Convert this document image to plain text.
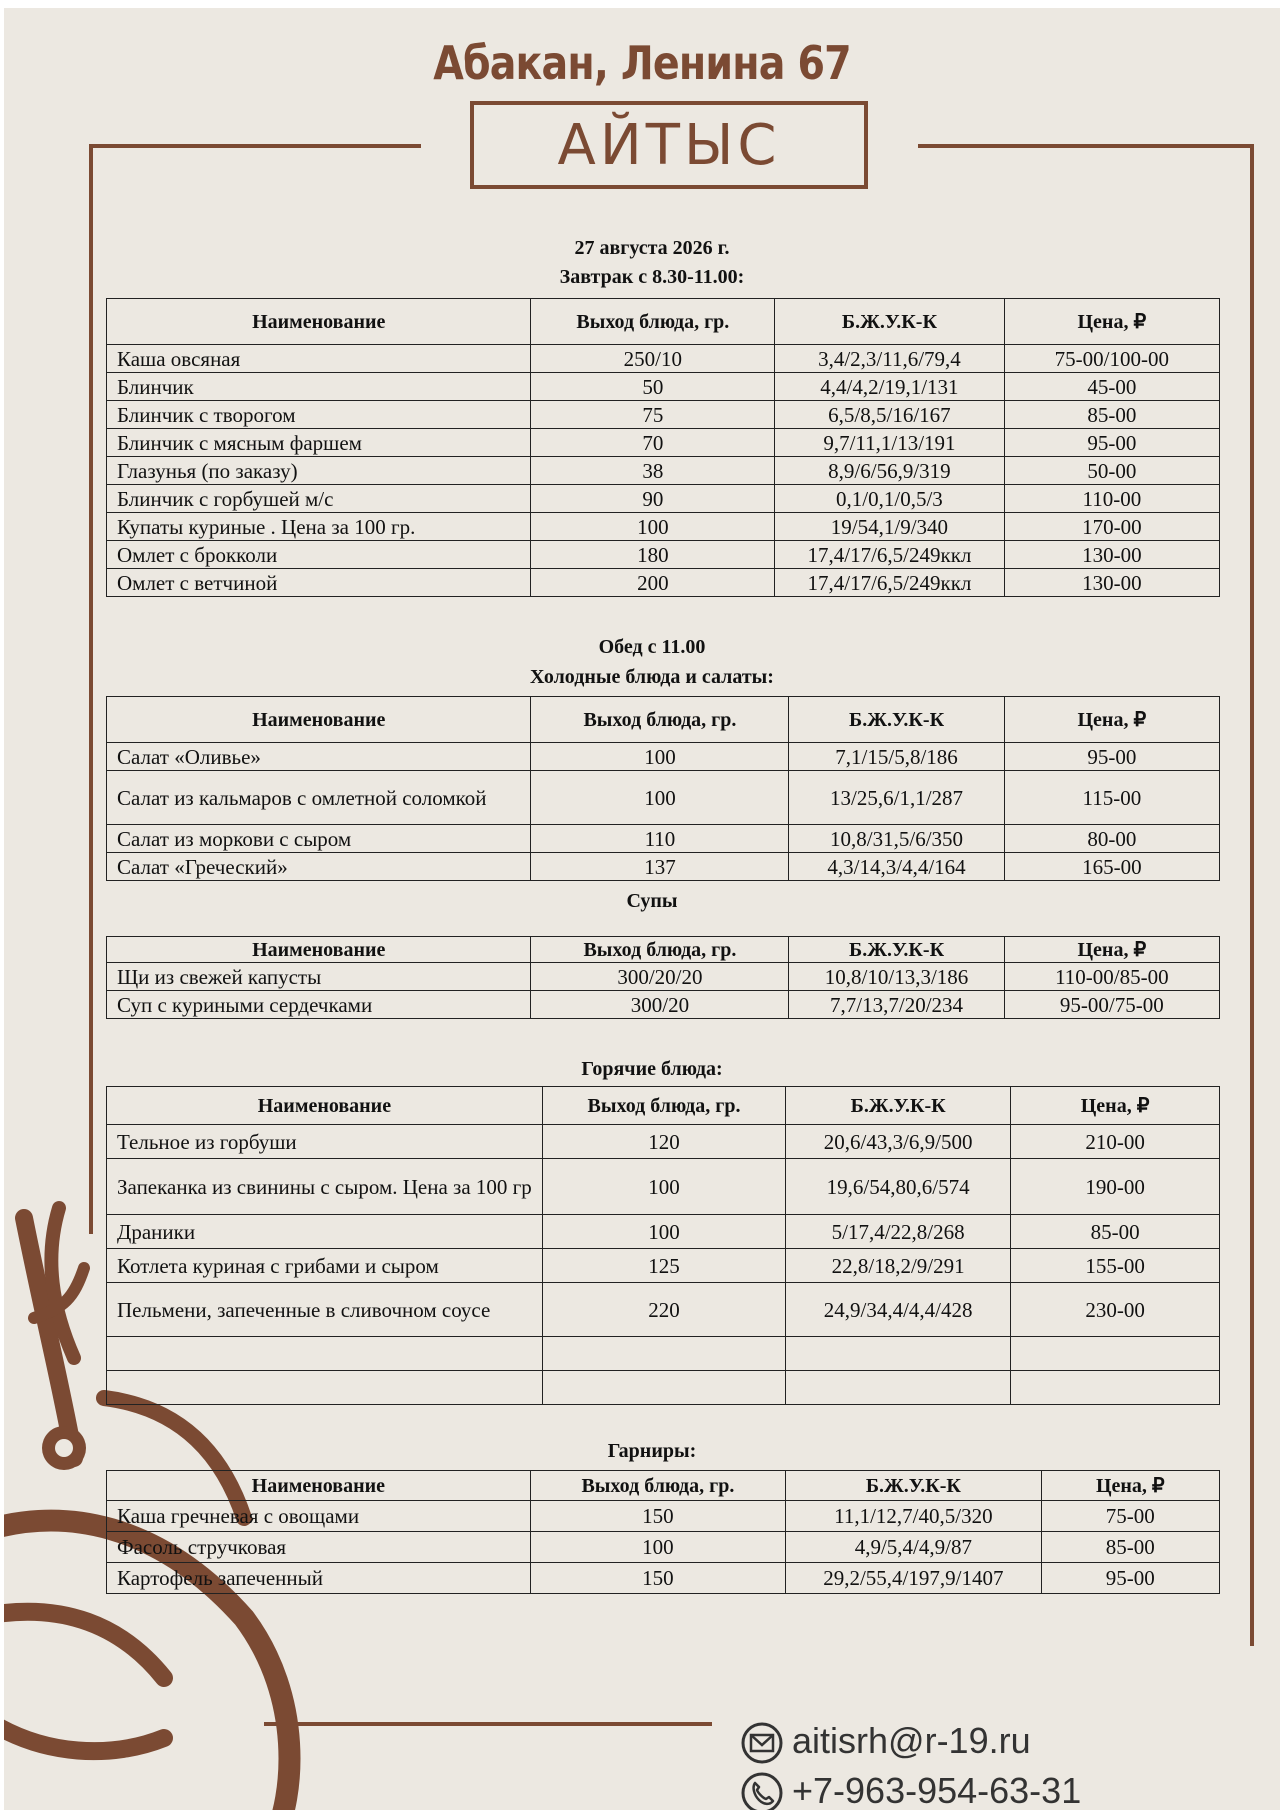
Абакан, Ленина 67
АЙТЫС
27 августа 2026 г.
Завтрак с 8.30-11.00:
Наименование	Выход блюда, гр.	Б.Ж.У.К-К	Цена, ₽
Каша овсяная	250/10	3,4/2,3/11,6/79,4	75-00/100-00
Блинчик	50	4,4/4,2/19,1/131	45-00
Блинчик с творогом	75	6,5/8,5/16/167	85-00
Блинчик с мясным фаршем	70	9,7/11,1/13/191	95-00
Глазунья (по заказу)	38	8,9/6/56,9/319	50-00
Блинчик с горбушей м/с	90	0,1/0,1/0,5/3	110-00
Купаты куриные . Цена за 100 гр.	100	19/54,1/9/340	170-00
Омлет с брокколи	180	17,4/17/6,5/249ккл	130-00
Омлет с ветчиной	200	17,4/17/6,5/249ккл	130-00
Обед с 11.00
Холодные блюда и салаты:
Наименование	Выход блюда, гр.	Б.Ж.У.К-К	Цена, ₽
Салат «Оливье»	100	7,1/15/5,8/186	95-00
Салат из кальмаров с омлетной соломкой	100	13/25,6/1,1/287	115-00
Салат из моркови с сыром	110	10,8/31,5/6/350	80-00
Салат «Греческий»	137	4,3/14,3/4,4/164	165-00
Супы
Наименование	Выход блюда, гр.	Б.Ж.У.К-К	Цена, ₽
Щи из свежей капусты	300/20/20	10,8/10/13,3/186	110-00/85-00
Суп с куриными сердечками	300/20	7,7/13,7/20/234	95-00/75-00
Горячие блюда:
Наименование	Выход блюда, гр.	Б.Ж.У.К-К	Цена, ₽
Тельное из горбуши	120	20,6/43,3/6,9/500	210-00
Запеканка из свинины с сыром. Цена за 100 гр	100	19,6/54,80,6/574	190-00
Драники	100	5/17,4/22,8/268	85-00
Котлета куриная с грибами и сыром	125	22,8/18,2/9/291	155-00
Пельмени, запеченные в сливочном соусе	220	24,9/34,4/4,4/428	230-00

Гарниры:
Наименование	Выход блюда, гр.	Б.Ж.У.К-К	Цена, ₽
Каша гречневая с овощами	150	11,1/12,7/40,5/320	75-00
Фасоль стручковая	100	4,9/5,4/4,9/87	85-00
Картофель запеченный	150	29,2/55,4/197,9/1407	95-00
aitisrh@r-19.ru
+7-963-954-63-31
